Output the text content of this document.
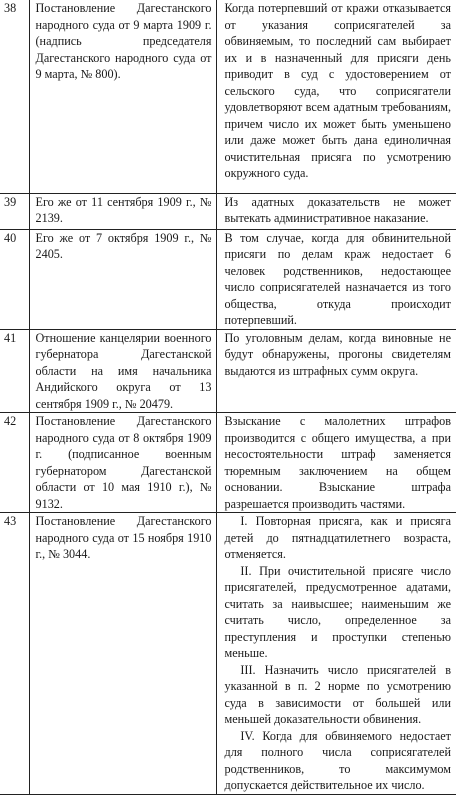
38	Постановление Дагестанского народного суда от 9 марта 1909 г. (надпись председателя Дагестанского народного суда от 9 марта, № 800).	Когда потерпевший от кражи отказывается от указания соприсягателей за обвиняемым, то последний сам выбирает их и в назначенный для присяги день приводит в суд с удостоверением от сельского суда, что соприсягатели удовлетворяют всем адатным требованиям, причем число их может быть уменьшено или даже может быть дана единоличная очистительная присяга по усмотрению окружного суда.
39	Его же от 11 сентября 1909 г., № 2139.	Из адатных доказательств не может вытекать административное наказание.
40	Его же от 7 октября 1909 г., № 2405.	В том случае, когда для обвинительной присяги по делам краж недостает 6 человек родственников, недостающее число соприсягателей назначается из того общества, откуда происходит потерпевший.
41	Отношение канцелярии военного губернатора Дагестанской области на имя начальника Андийского округа от 13 сентября 1909 г., № 20479.	По уголовным делам, когда виновные не будут обнаружены, прогоны свидетелям выдаются из штрафных сумм округа.
42	Постановление Дагестанского народного суда от 8 октября 1909 г. (подписанное военным губернатором Дагестанской области от 10 мая 1910 г.), № 9132.	Взыскание с малолетних штрафов производится с общего имущества, а при несостоятельности штраф заменяется тюремным заключением на общем основании. Взыскание штрафа разрешается производить частями.
43	Постановление Дагестанского народного суда от 15 ноября 1910 г., № 3044.	I. Повторная присяга, как и присяга детей до пятнадцатилетнего возраста, отменяется.

II. При очистительной присяге число присягателей, предусмотренное адатами, считать за наивысшее; наименьшим же считать число, определенное за преступления и проступки степенью меньше.

III. Назначить число присягателей в указанной в п. 2 норме по усмотрению суда в зависимости от большей или меньшей доказательности обвинения.

IV. Когда для обвиняемого недостает для полного числа соприсягателей родственников, то максимумом допускается действительное их число.
